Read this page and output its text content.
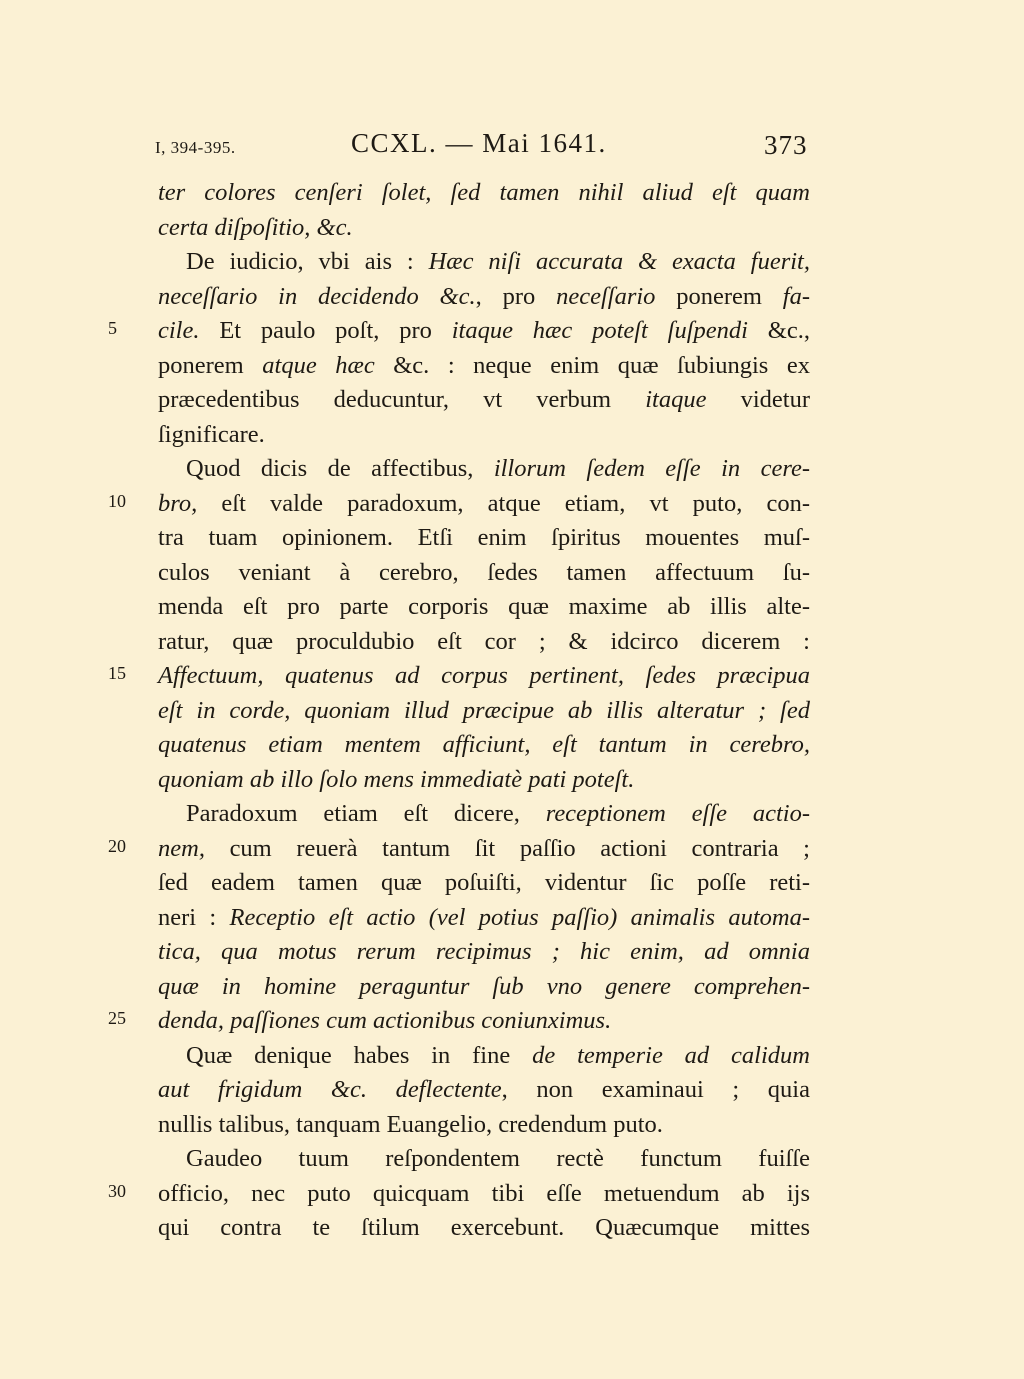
I, 394-395.	CCXL. — Mai 1641.	373
ter colores cenſeri ſolet, ſed tamen nihil aliud eſt quam
certa diſpoſitio, &c.
De iudicio, vbi ais : Hæc niſi accurata & exacta fuerit,
neceſſario in decidendo &c., pro neceſſario ponerem fa-
5 cile. Et paulo poſt, pro itaque hæc poteſt ſuſpendi &c.,
ponerem atque hæc &c. : neque enim quæ ſubiungis ex
præcedentibus deducuntur, vt verbum itaque videtur
ſignificare.
Quod dicis de affectibus, illorum ſedem eſſe in cere-
10 bro, eſt valde paradoxum, atque etiam, vt puto, con-
tra tuam opinionem. Etſi enim ſpiritus mouentes muſ-
culos veniant à cerebro, ſedes tamen affectuum ſu-
menda eſt pro parte corporis quæ maxime ab illis alte-
ratur, quæ proculdubio eſt cor ; & idcirco dicerem :
15 Affectuum, quatenus ad corpus pertinent, ſedes præcipua
eſt in corde, quoniam illud præcipue ab illis alteratur ; ſed
quatenus etiam mentem afficiunt, eſt tantum in cerebro,
quoniam ab illo ſolo mens immediatè pati poteſt.
Paradoxum etiam eſt dicere, receptionem eſſe actio-
20 nem, cum reuerà tantum ſit paſſio actioni contraria ;
ſed eadem tamen quæ poſuiſti, videntur ſic poſſe reti-
neri : Receptio eſt actio (vel potius paſſio) animalis automa-
tica, qua motus rerum recipimus ; hic enim, ad omnia
quæ in homine peraguntur ſub vno genere comprehen-
25 denda, paſſiones cum actionibus coniunximus.
Quæ denique habes in fine de temperie ad calidum
aut frigidum &c. deflectente, non examinaui ; quia
nullis talibus, tanquam Euangelio, credendum puto.
Gaudeo tuum reſpondentem rectè functum fuiſſe
30 officio, nec puto quicquam tibi eſſe metuendum ab ijs
qui contra te ſtilum exercebunt. Quæcumque mittes
